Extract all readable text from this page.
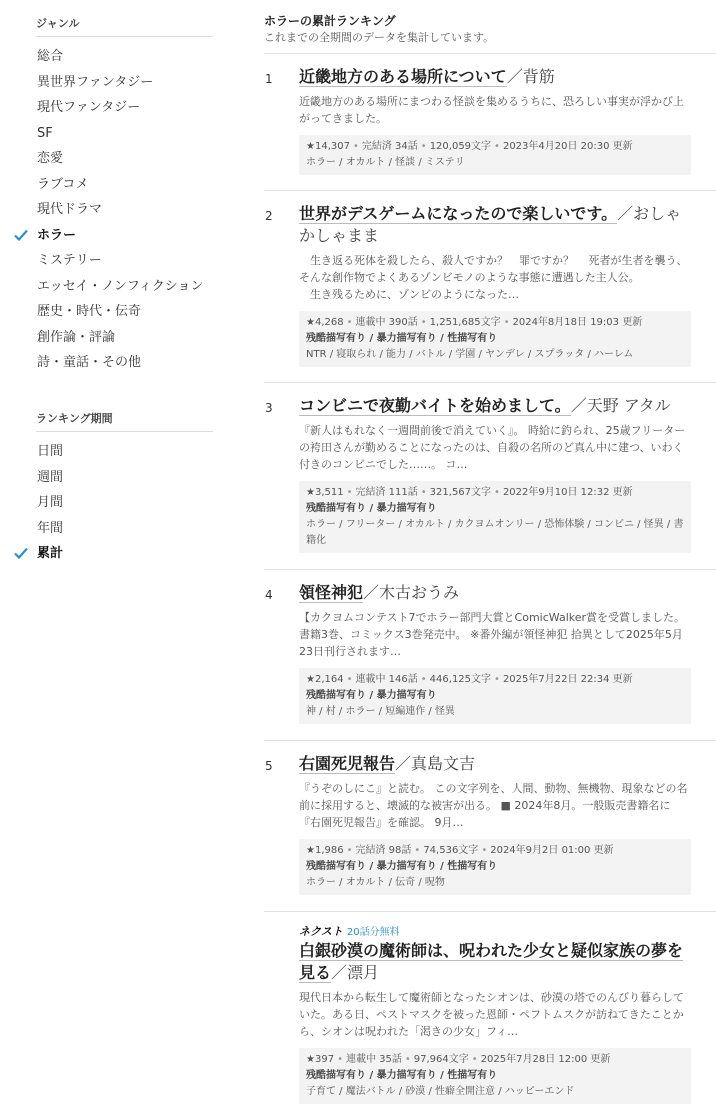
ジャンル
総合
異世界ファンタジー
現代ファンタジー
SF
恋愛
ラブコメ
現代ドラマ
ホラー
ミステリー
エッセイ・ノンフィクション
歴史・時代・伝奇
創作論・評論
詩・童話・その他
ランキング期間
日間
週間
月間
年間
累計
ホラーの累計ランキング
これまでの全期間のデータを集計しています。
1 近畿地方のある場所について／背筋
近畿地方のある場所にまつわる怪談を集めるうちに、恐ろしい事実が浮かび上がってきました。
★14,307 • 完結済 34話 • 120,059文字 • 2023年4月20日 20:30 更新
ホラー / オカルト / 怪談 / ミステリ
2 世界がデスゲームになったので楽しいです。／おしゃかしゃまま
　生き返る死体を殺したら、殺人ですか？　罪ですか？　 死者が生者を襲う、そんな創作物でよくあるゾンビモノのような事態に遭遇した主人公。
　生き残るために、ゾンビのようになった…
★4,268 • 連載中 390話 • 1,251,685文字 • 2024年8月18日 19:03 更新
残酷描写有り / 暴力描写有り / 性描写有り
NTR / 寝取られ / 能力 / バトル / 学園 / ヤンデレ / スプラッタ / ハーレム
3 コンビニで夜勤バイトを始めまして。／天野 アタル
『新人はもれなく一週間前後で消えていく』。 時給に釣られ、25歳フリーターの袴田さんが勤めることになったのは、自殺の名所のど真ん中に建つ、いわく付きのコンビニでした……。 コ…
★3,511 • 完結済 111話 • 321,567文字 • 2022年9月10日 12:32 更新
残酷描写有り / 暴力描写有り
ホラー / フリーター / オカルト / カクヨムオンリー / 恐怖体験 / コンビニ / 怪異 / 書籍化
4 領怪神犯／木古おうみ
【カクヨムコンテスト7でホラー部門大賞とComicWalker賞を受賞しました。書籍3巻、コミックス3巻発売中。 ※番外編が領怪神犯 拾異として2025年5月23日刊行されます…
★2,164 • 連載中 146話 • 446,125文字 • 2025年7月22日 22:34 更新
残酷描写有り / 暴力描写有り
神 / 村 / ホラー / 短編連作 / 怪異
5 右園死児報告／真島文吉
『うぞのしにこ』と読む。 この文字列を、人間、動物、無機物、現象などの名前に採用すると、壊滅的な被害が出る。 ■ 2024年8月。一般販売書籍名に『右園死児報告』を確認。 9月…
★1,986 • 完結済 98話 • 74,536文字 • 2024年9月2日 01:00 更新
残酷描写有り / 暴力描写有り / 性描写有り
ホラー / オカルト / 伝奇 / 呪物
ネクスト 20話分無料
白銀砂漠の魔術師は、呪われた少女と疑似家族の夢を見る／漂月
現代日本から転生して魔術師となったシオンは、砂漠の塔でのんびり暮らしていた。ある日、ペストマスクを被った恩師・ペフトムスクが訪ねてきたことから、シオンは呪われた「渇きの少女」フィ…
★397 • 連載中 35話 • 97,964文字 • 2025年7月28日 12:00 更新
残酷描写有り / 暴力描写有り / 性描写有り
子育て / 魔法バトル / 砂漠 / 性癖全開注意 / ハッピーエンド
